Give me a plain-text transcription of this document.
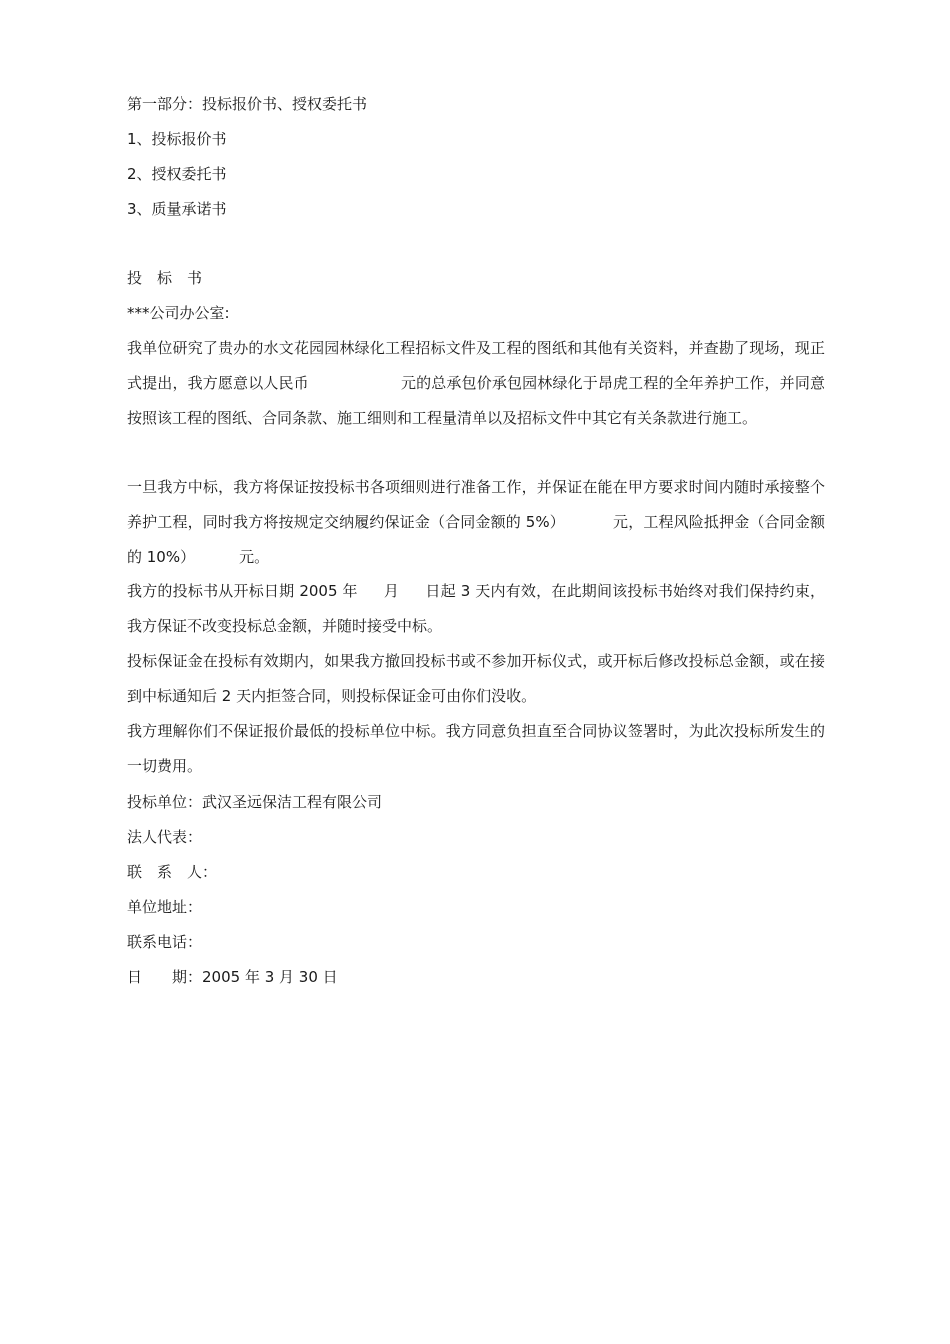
第一部分：投标报价书、授权委托书
1、投标报价书
2、授权委托书
3、质量承诺书
投　标　书
***公司办公室:
我单位研究了贵办的水文花园园林绿化工程招标文件及工程的图纸和其他有关资料，并查勘了现场，现正式提出，我方愿意以人民币	元的总承包价承包园林绿化于昂虎工程的全年养护工作，并同意按照该工程的图纸、合同条款、施工细则和工程量清单以及招标文件中其它有关条款进行施工。
一旦我方中标，我方将保证按投标书各项细则进行准备工作，并保证在能在甲方要求时间内随时承接整个养护工程，同时我方将按规定交纳履约保证金（合同金额的 5%）	元，工程风险抵押金（合同金额的 10%）	元。
我方的投标书从开标日期 2005 年 月 日起 3 天内有效，在此期间该投标书始终对我们保持约束，我方保证不改变投标总金额，并随时接受中标。
投标保证金在投标有效期内，如果我方撤回投标书或不参加开标仪式，或开标后修改投标总金额，或在接到中标通知后 2 天内拒签合同，则投标保证金可由你们没收。
我方理解你们不保证报价最低的投标单位中标。我方同意负担直至合同协议签署时，为此次投标所发生的一切费用。
投标单位：武汉圣远保洁工程有限公司
法人代表：
联　系　人：
单位地址：
联系电话：
日　　期：2005 年 3 月 30 日
